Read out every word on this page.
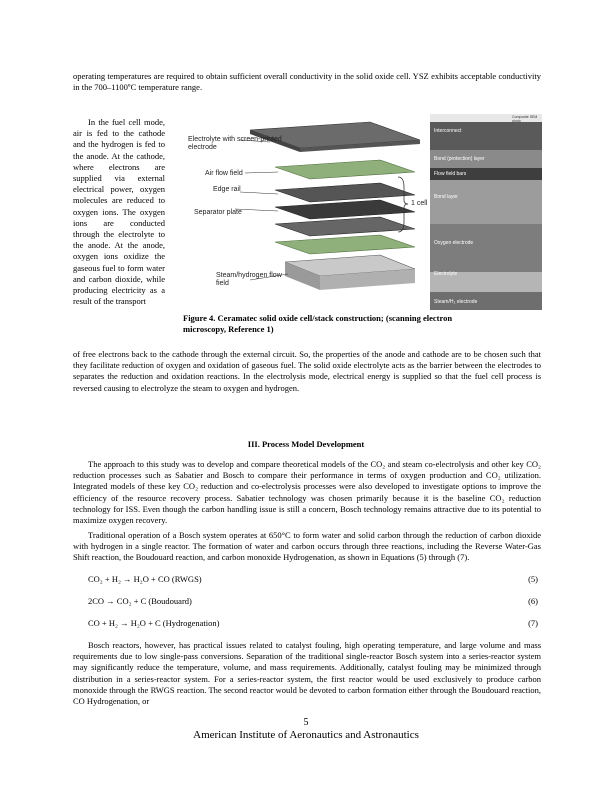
operating temperatures are required to obtain sufficient overall conductivity in the solid oxide cell. YSZ exhibits acceptable conductivity in the 700–1100ºC temperature range.

In the fuel cell mode, air is fed to the cathode and the hydrogen is fed to the anode. At the cathode, where electrons are supplied via external electrical power, oxygen molecules are reduced to oxygen ions. The oxygen ions are conducted through the electrolyte to the anode. At the anode, oxygen ions oxidize the gaseous fuel to form water and carbon dioxide, while producing electricity as a result of the transport
Electrolyte with screen-printed electrode
Air flow field
Edge rail
Separator plate
Steam/hydrogen flow field
1 cell
Composite SEM photo
Interconnect
Bond (protection) layer
Flow field bars
Bond layer
Oxygen electrode
Electrolyte
Steam/H₂ electrode
Figure 4. Ceramatec solid oxide cell/stack construction; (scanning electron microscopy, Reference 1)

of free electrons back to the cathode through the external circuit. So, the properties of the anode and cathode are to be chosen such that they facilitate reduction of oxygen and oxidation of gaseous fuel. The solid oxide electrolyte acts as the barrier between the electrodes to separates the reduction and oxidation reactions. In the electrolysis mode, electrical energy is supplied so that the fuel cell process is reversed causing to electrolyze the steam to oxygen and hydrogen.

III. Process Model Development

The approach to this study was to develop and compare theoretical models of the CO₂ and steam co-electrolysis and other key CO₂ reduction processes such as Sabatier and Bosch to compare their performance in terms of oxygen production and CO₂ utilization. Integrated models of these key CO₂ reduction and co-electrolysis processes were also developed to investigate options to improve the efficiency of the resource recovery process. Sabatier technology was chosen primarily because it is the baseline CO₂ reduction technology for ISS. Even though the carbon handling issue is still a concern, Bosch technology remains attractive due to its potential to maximize oxygen recovery.

Traditional operation of a Bosch system operates at 650°C to form water and solid carbon through the reduction of carbon dioxide with hydrogen in a single reactor. The formation of water and carbon occurs through three reactions, including the Reverse Water-Gas Shift reaction, the Boudouard reaction, and carbon monoxide Hydrogenation, as shown in Equations (5) through (7).

CO₂ + H₂ → H₂O + CO (RWGS)	(5)
2CO → CO₂ + C (Boudouard)	(6)
CO + H₂ → H₂O + C (Hydrogenation)	(7)

Bosch reactors, however, has practical issues related to catalyst fouling, high operating temperature, and large volume and mass requirements due to low single-pass conversions. Separation of the traditional single-reactor Bosch system into a series-reactor system may significantly reduce the temperature, volume, and mass requirements. Additionally, catalyst fouling may be minimized through distribution in a series-reactor system. For a series-reactor system, the first reactor would be used exclusively to produce carbon monoxide through the RWGS reaction. The second reactor would be devoted to carbon formation either through the Boudouard reaction, CO Hydrogenation, or

5
American Institute of Aeronautics and Astronautics
